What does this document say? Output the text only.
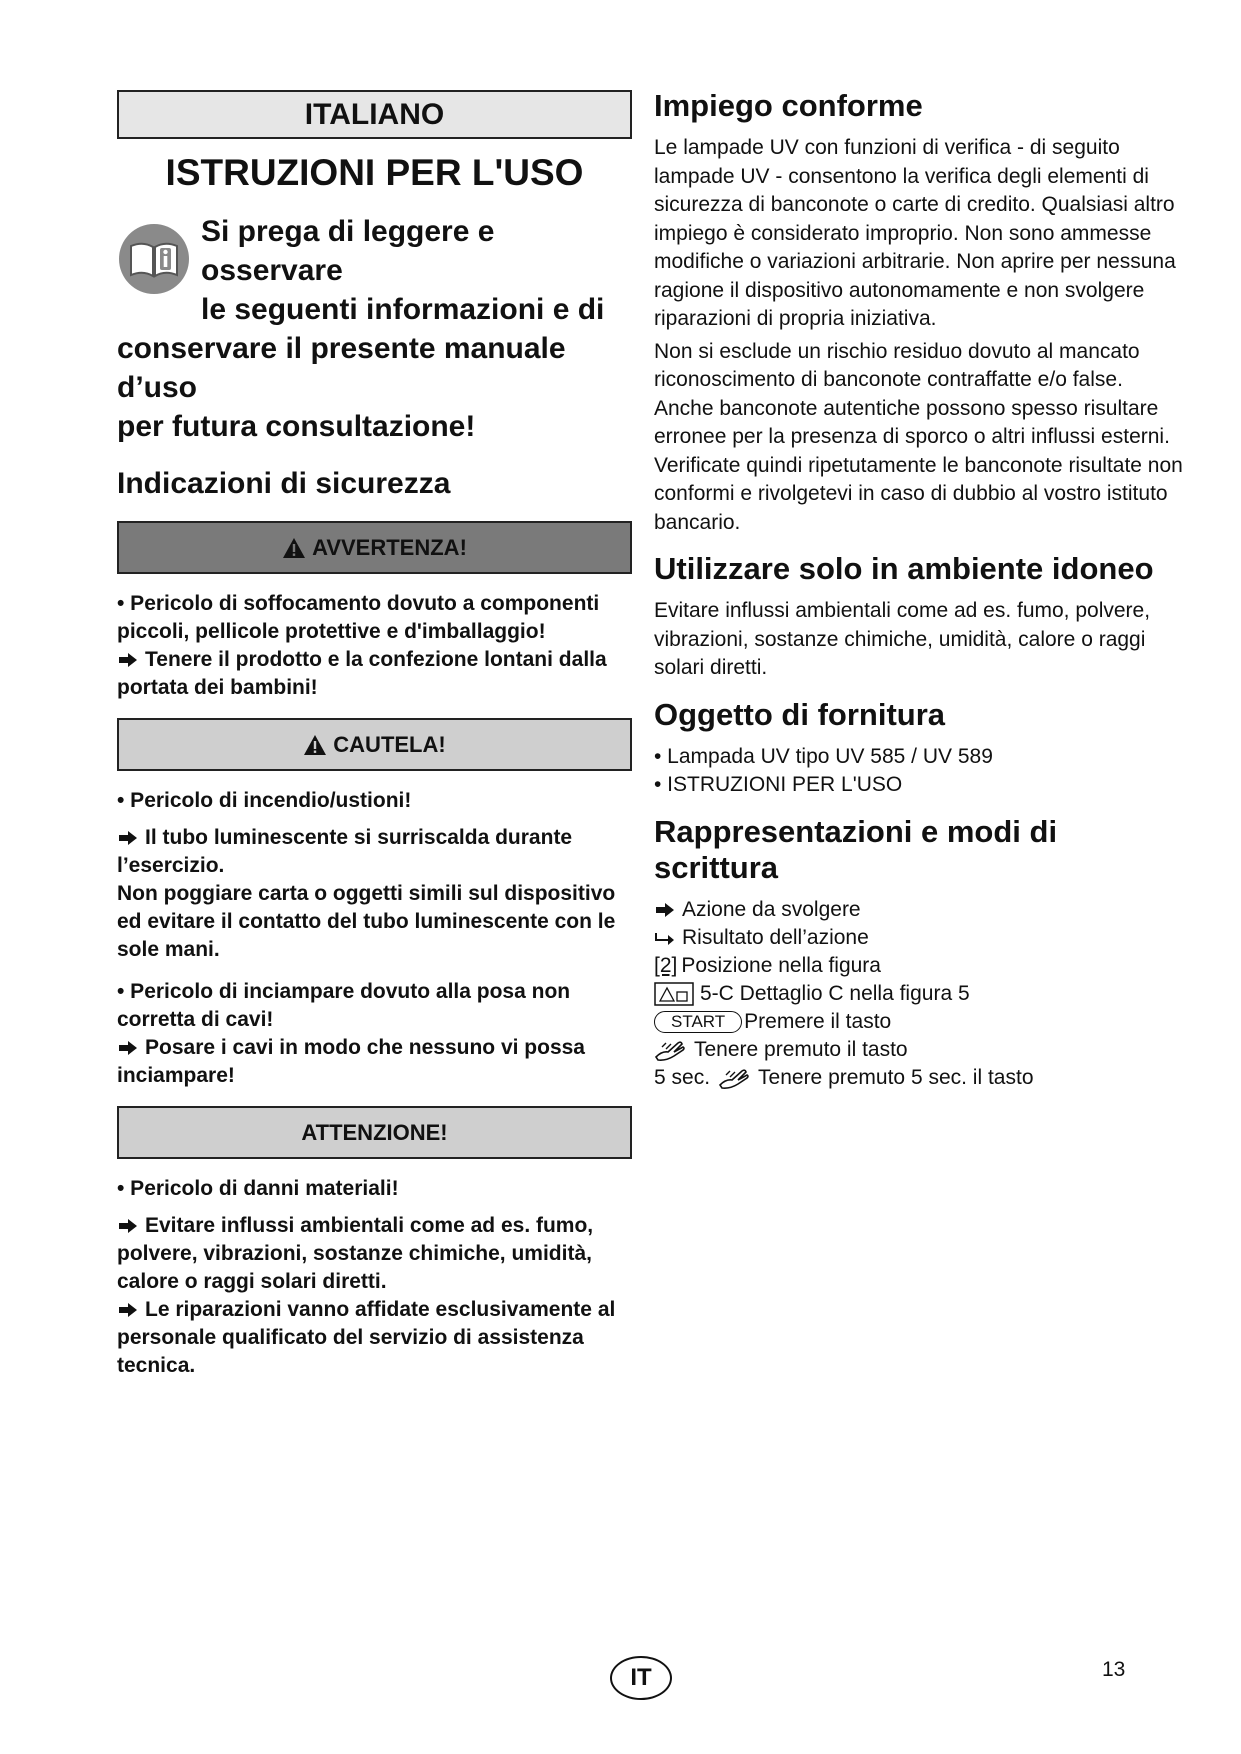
ITALIANO
ISTRUZIONI PER L'USO
Si prega di leggere e osservare
le seguenti informazioni e di
conservare il presente manuale d’uso
per futura consultazione!
Indicazioni di sicurezza
AVVERTENZA!

• Pericolo di soffocamento dovuto a componenti piccoli, pellicole protettive e d'imballaggio!

Tenere il prodotto e la confezione lontani dalla portata dei bambini!

CAUTELA!

• Pericolo di incendio/ustioni!

Il tubo luminescente si surriscalda durante l’esercizio.

Non poggiare carta o oggetti simili sul dispositivo ed evitare il contatto del tubo luminescente con le sole mani.

• Pericolo di inciampare dovuto alla posa non corretta di cavi!

Posare i cavi in modo che nessuno vi possa inciampare!

ATTENZIONE!

• Pericolo di danni materiali!

Evitare influssi ambientali come ad es. fumo, polvere, vibrazioni, sostanze chimiche, umidità, calore o raggi solari diretti.

Le riparazioni vanno affidate esclusivamente al personale qualificato del servizio di assistenza tecnica.

Impiego conforme

Le lampade UV con funzioni di verifica - di seguito lampade UV - consentono la verifica degli elementi di sicurezza di banconote o carte di credito. Qualsiasi altro impiego è considerato improprio. Non sono ammesse modifiche o variazioni arbitrarie. Non aprire per nessuna ragione il dispositivo autonomamente e non svolgere riparazioni di propria iniziativa.

Non si esclude un rischio residuo dovuto al mancato riconoscimento di banconote contraffatte e/o false. Anche banconote autentiche possono spesso risultare erronee per la presenza di sporco o altri influssi esterni. Verificate quindi ripetutamente le banconote risultate non conformi e rivolgetevi in caso di dubbio al vostro istituto bancario.

Utilizzare solo in ambiente idoneo
Evitare influssi ambientali come ad es. fumo, polvere, vibrazioni, sostanze chimiche, umidità, calore o raggi solari diretti.
Oggetto di fornitura

• Lampada UV tipo UV 585 / UV 589

• ISTRUZIONI PER L'USO

Rappresentazioni e modi di scrittura
Azione da svolgere
Risultato dell’azione
[2] Posizione nella figura
5-C Dettaglio C nella figura 5
START Premere il tasto
Tenere premuto il tasto
5 sec. Tenere premuto 5 sec. il tasto
IT	13
